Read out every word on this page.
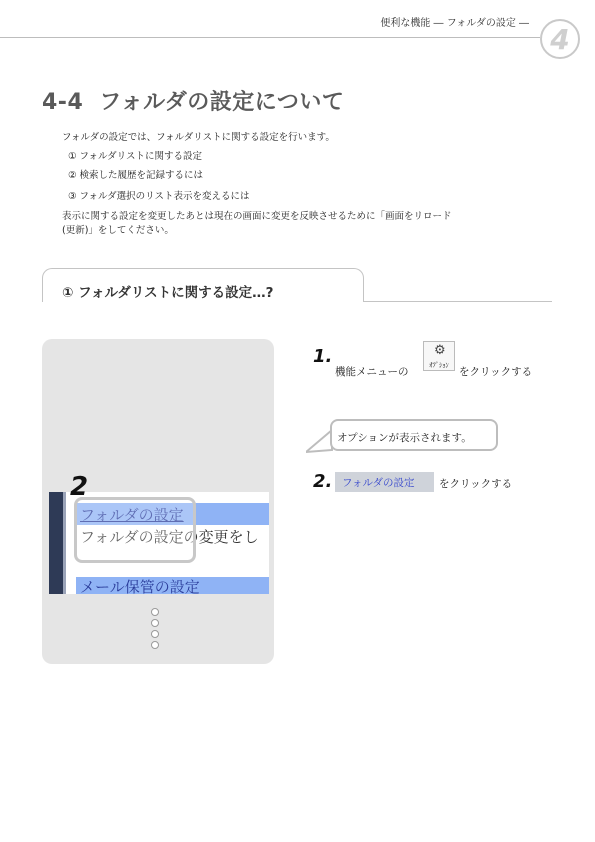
便利な機能 ― フォルダの設定 ― 4
4-4 フォルダの設定について
フォルダの設定では、フォルダリストに関する設定を行います。
① フォルダリストに関する設定
② 検索した履歴を記録するには
③ フォルダ選択のリスト表示を変えるには
表示に関する設定を変更したあとは現在の画面に変更を反映させるために「画面をリロード
(更新)」をしてください。
① フォルダリストに関する設定…?
フォルダの設定
フォルダの設定の変更をし
メール保管の設定
2
1.
機能メニューの
⚙
ｵﾌﾟｼｮﾝ
をクリックする
オプションが表示されます。
2. フォルダの設定 をクリックする
